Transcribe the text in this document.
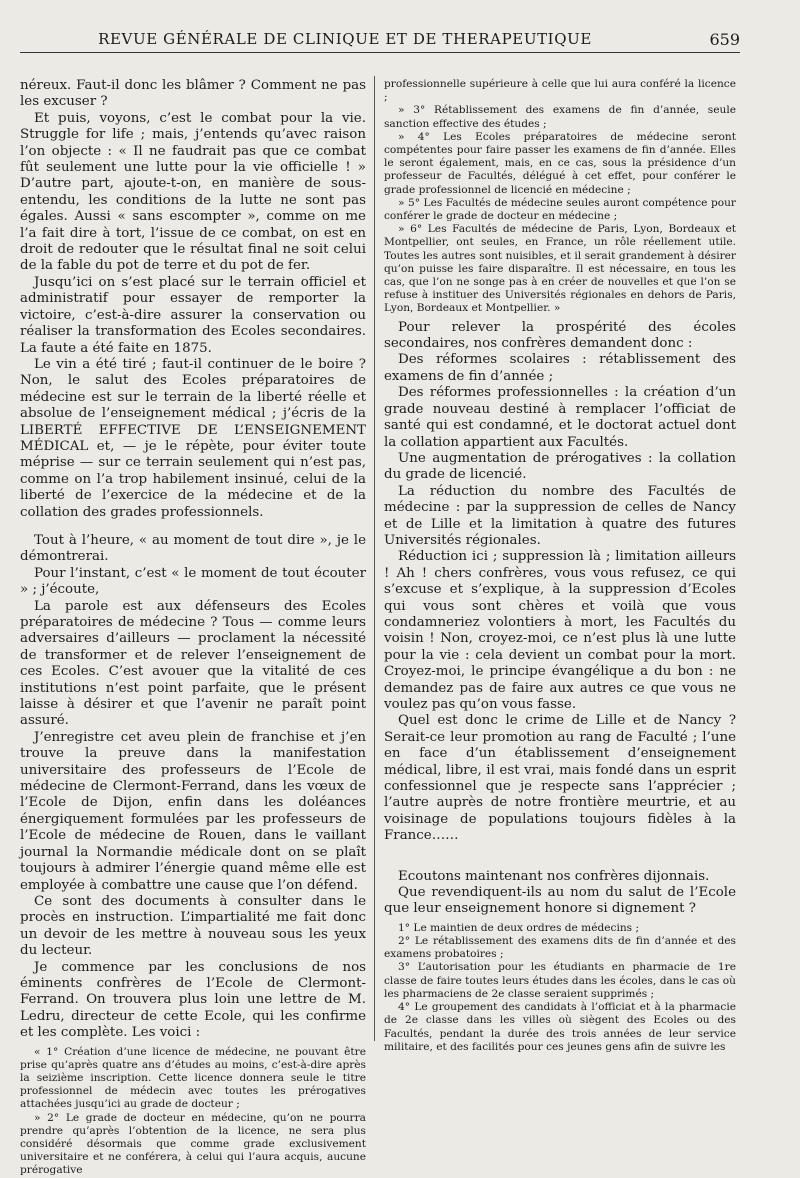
REVUE GÉNÉRALE DE CLINIQUE ET DE THERAPEUTIQUE	659

néreux. Faut-il donc les blâmer ? Comment ne pas les excuser ?

Et puis, voyons, c’est le combat pour la vie. Struggle for life ; mais, j’entends qu’avec raison l’on objecte : « Il ne faudrait pas que ce combat fût seulement une lutte pour la vie officielle ! » D’autre part, ajoute-t-on, en manière de sous-entendu, les conditions de la lutte ne sont pas égales. Aussi « sans escompter », comme on me l’a fait dire à tort, l’issue de ce combat, on est en droit de redouter que le résultat final ne soit celui de la fable du pot de terre et du pot de fer.

Jusqu’ici on s’est placé sur le terrain officiel et administratif pour essayer de remporter la victoire, c’est-à-dire assurer la conservation ou réaliser la transformation des Ecoles secondaires. La faute a été faite en 1875.

Le vin a été tiré ; faut-il continuer de le boire ? Non, le salut des Ecoles préparatoires de médecine est sur le terrain de la liberté réelle et absolue de l’enseignement médical ; j’écris de la LIBERTÉ EFFECTIVE DE L’ENSEIGNEMENT MÉDICAL et, — je le répète, pour éviter toute méprise — sur ce terrain seulement qui n’est pas, comme on l’a trop habilement insinué, celui de la liberté de l’exercice de la médecine et de la collation des grades professionnels.

Tout à l’heure, « au moment de tout dire », je le démontrerai.

Pour l’instant, c’est « le moment de tout écouter » ; j’écoute,

La parole est aux défenseurs des Ecoles préparatoires de médecine ? Tous — comme leurs adversaires d’ailleurs — proclament la nécessité de transformer et de relever l’enseignement de ces Ecoles. C’est avouer que la vitalité de ces institutions n’est point parfaite, que le présent laisse à désirer et que l’avenir ne paraît point assuré.

J’enregistre cet aveu plein de franchise et j’en trouve la preuve dans la manifestation universitaire des professeurs de l’Ecole de médecine de Clermont-Ferrand, dans les vœux de l’Ecole de Dijon, enfin dans les doléances énergiquement formulées par les professeurs de l’Ecole de médecine de Rouen, dans le vaillant journal la Normandie médicale dont on se plaît toujours à admirer l’énergie quand même elle est employée à combattre une cause que l’on défend.

Ce sont des documents à consulter dans le procès en instruction. L’impartialité me fait donc un devoir de les mettre à nouveau sous les yeux du lecteur.

Je commence par les conclusions de nos éminents confrères de l’Ecole de Clermont-Ferrand. On trouvera plus loin une lettre de M. Ledru, directeur de cette Ecole, qui les confirme et les complète. Les voici :

« 1° Création d’une licence de médecine, ne pouvant être prise qu’après quatre ans d’études au moins, c’est-à-dire après la seizième inscription. Cette licence donnera seule le titre professionnel de médecin avec toutes les prérogatives attachées jusqu’ici au grade de docteur ;

» 2° Le grade de docteur en médecine, qu’on ne pourra prendre qu’après l’obtention de la licence, ne sera plus considéré désormais que comme grade exclusivement universitaire et ne conférera, à celui qui l’aura acquis, aucune prérogative

professionnelle supérieure à celle que lui aura conféré la licence ;

» 3° Rétablissement des examens de fin d’année, seule sanction effective des études ;

» 4° Les Ecoles préparatoires de médecine seront compétentes pour faire passer les examens de fin d’année. Elles le seront également, mais, en ce cas, sous la présidence d’un professeur de Facultés, délégué à cet effet, pour conférer le grade professionnel de licencié en médecine ;

» 5° Les Facultés de médecine seules auront compétence pour conférer le grade de docteur en médecine ;

» 6° Les Facultés de médecine de Paris, Lyon, Bordeaux et Montpellier, ont seules, en France, un rôle réellement utile. Toutes les autres sont nuisibles, et il serait grandement à désirer qu’on puisse les faire disparaître. Il est nécessaire, en tous les cas, que l’on ne songe pas à en créer de nouvelles et que l’on se refuse à instituer des Universités régionales en dehors de Paris, Lyon, Bordeaux et Montpellier. »

Pour relever la prospérité des écoles secondaires, nos confrères demandent donc :

Des réformes scolaires : rétablissement des examens de fin d’année ;

Des réformes professionnelles : la création d’un grade nouveau destiné à remplacer l’officiat de santé qui est condamné, et le doctorat actuel dont la collation appartient aux Facultés.

Une augmentation de prérogatives : la collation du grade de licencié.

La réduction du nombre des Facultés de médecine : par la suppression de celles de Nancy et de Lille et la limitation à quatre des futures Universités régionales.

Réduction ici ; suppression là ; limitation ailleurs ! Ah ! chers confrères, vous vous refusez, ce qui s’excuse et s’explique, à la suppression d’Ecoles qui vous sont chères et voilà que vous condamneriez volontiers à mort, les Facultés du voisin ! Non, croyez-moi, ce n’est plus là une lutte pour la vie : cela devient un combat pour la mort. Croyez-moi, le principe évangélique a du bon : ne demandez pas de faire aux autres ce que vous ne voulez pas qu’on vous fasse.

Quel est donc le crime de Lille et de Nancy ? Serait-ce leur promotion au rang de Faculté ; l’une en face d’un établissement d’enseignement médical, libre, il est vrai, mais fondé dans un esprit confessionnel que je respecte sans l’apprécier ; l’autre auprès de notre frontière meurtrie, et au voisinage de populations toujours fidèles à la France……

Ecoutons maintenant nos confrères dijonnais.

Que revendiquent-ils au nom du salut de l’Ecole que leur enseignement honore si dignement ?

1° Le maintien de deux ordres de médecins ;

2° Le rétablissement des examens dits de fin d’année et des examens probatoires ;

3° L’autorisation pour les étudiants en pharmacie de 1re classe de faire toutes leurs études dans les écoles, dans le cas où les pharmaciens de 2e classe seraient supprimés ;

4° Le groupement des candidats à l’officiat et à la pharmacie de 2e classe dans les villes où siègent des Ecoles ou des Facultés, pendant la durée des trois années de leur service militaire, et des facilités pour ces jeunes gens afin de suivre les
